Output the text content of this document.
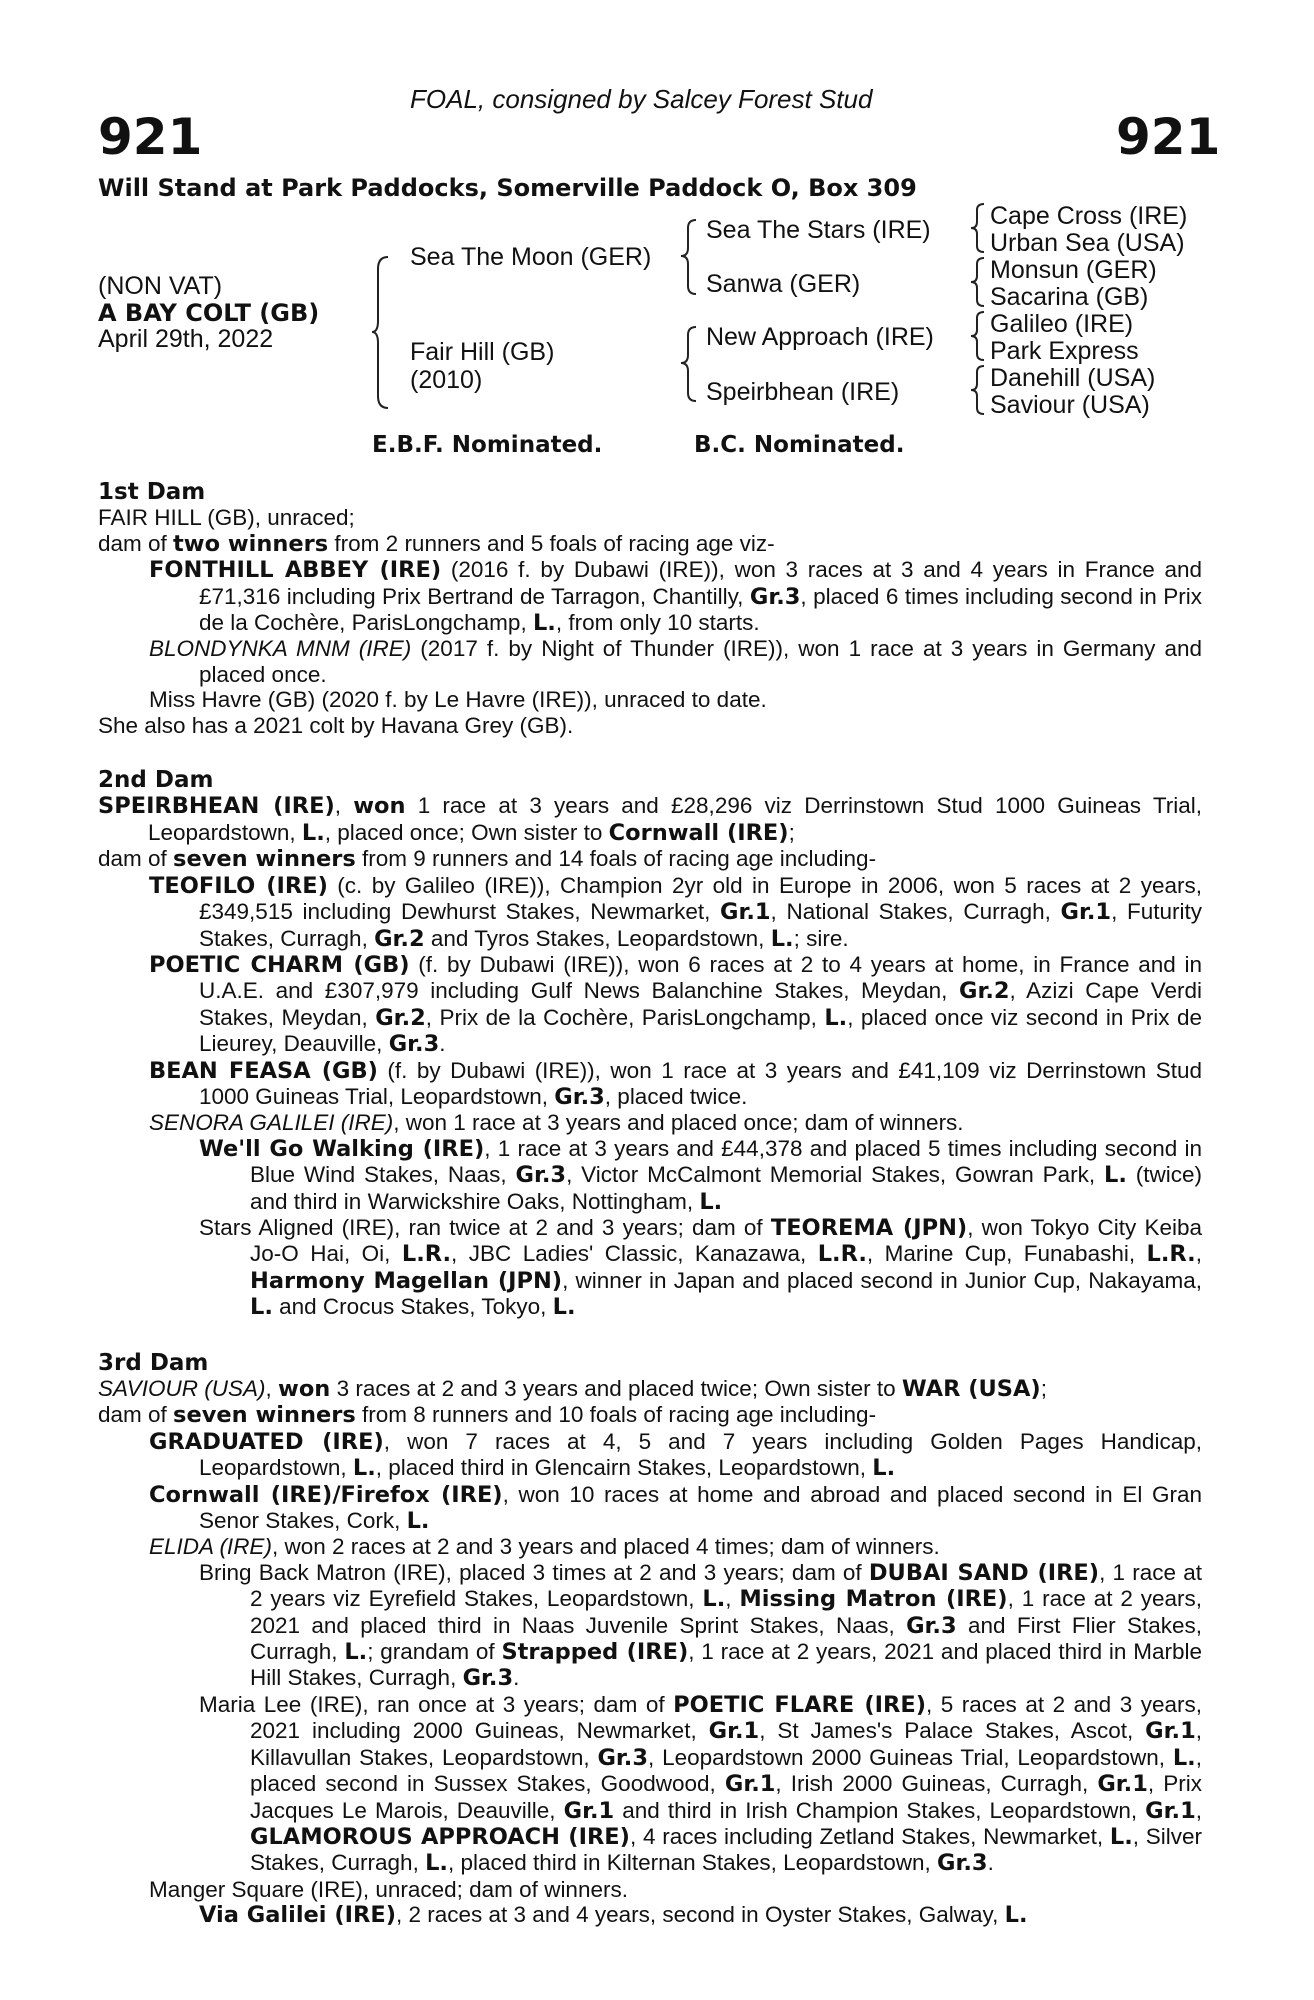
FOAL, consigned by Salcey Forest Stud
921	921
Will Stand at Park Paddocks, Somerville Paddock O, Box 309
(NON VAT)
A BAY COLT (GB)
April 29th, 2022
Sea The Moon (GER)
Fair Hill (GB)
(2010)
Sea The Stars (IRE)
Sanwa (GER)
New Approach (IRE)
Speirbhean (IRE)
Cape Cross (IRE)
Urban Sea (USA)
Monsun (GER)
Sacarina (GB)
Galileo (IRE)
Park Express
Danehill (USA)
Saviour (USA)
E.B.F. Nominated.	B.C. Nominated.
1st Dam
FAIR HILL (GB), unraced;
dam of two winners from 2 runners and 5 foals of racing age viz-
FONTHILL ABBEY (IRE) (2016 f. by Dubawi (IRE)), won 3 races at 3 and 4 years in France and £71,316 including Prix Bertrand de Tarragon, Chantilly, Gr.3, placed 6 times including second in Prix de la Cochère, ParisLongchamp, L., from only 10 starts.
BLONDYNKA MNM (IRE) (2017 f. by Night of Thunder (IRE)), won 1 race at 3 years in Germany and placed once.
Miss Havre (GB) (2020 f. by Le Havre (IRE)), unraced to date.
She also has a 2021 colt by Havana Grey (GB).
2nd Dam
SPEIRBHEAN (IRE), won 1 race at 3 years and £28,296 viz Derrinstown Stud 1000 Guineas Trial, Leopardstown, L., placed once; Own sister to Cornwall (IRE);
dam of seven winners from 9 runners and 14 foals of racing age including-
TEOFILO (IRE) (c. by Galileo (IRE)), Champion 2yr old in Europe in 2006, won 5 races at 2 years, £349,515 including Dewhurst Stakes, Newmarket, Gr.1, National Stakes, Curragh, Gr.1, Futurity Stakes, Curragh, Gr.2 and Tyros Stakes, Leopardstown, L.; sire.
POETIC CHARM (GB) (f. by Dubawi (IRE)), won 6 races at 2 to 4 years at home, in France and in U.A.E. and £307,979 including Gulf News Balanchine Stakes, Meydan, Gr.2, Azizi Cape Verdi Stakes, Meydan, Gr.2, Prix de la Cochère, ParisLongchamp, L., placed once viz second in Prix de Lieurey, Deauville, Gr.3.
BEAN FEASA (GB) (f. by Dubawi (IRE)), won 1 race at 3 years and £41,109 viz Derrinstown Stud 1000 Guineas Trial, Leopardstown, Gr.3, placed twice.
SENORA GALILEI (IRE), won 1 race at 3 years and placed once; dam of winners.
We'll Go Walking (IRE), 1 race at 3 years and £44,378 and placed 5 times including second in Blue Wind Stakes, Naas, Gr.3, Victor McCalmont Memorial Stakes, Gowran Park, L. (twice) and third in Warwickshire Oaks, Nottingham, L.
Stars Aligned (IRE), ran twice at 2 and 3 years; dam of TEOREMA (JPN), won Tokyo City Keiba Jo-O Hai, Oi, L.R., JBC Ladies' Classic, Kanazawa, L.R., Marine Cup, Funabashi, L.R., Harmony Magellan (JPN), winner in Japan and placed second in Junior Cup, Nakayama, L. and Crocus Stakes, Tokyo, L.
3rd Dam
SAVIOUR (USA), won 3 races at 2 and 3 years and placed twice; Own sister to WAR (USA);
dam of seven winners from 8 runners and 10 foals of racing age including-
GRADUATED (IRE), won 7 races at 4, 5 and 7 years including Golden Pages Handicap, Leopardstown, L., placed third in Glencairn Stakes, Leopardstown, L.
Cornwall (IRE)/Firefox (IRE), won 10 races at home and abroad and placed second in El Gran Senor Stakes, Cork, L.
ELIDA (IRE), won 2 races at 2 and 3 years and placed 4 times; dam of winners.
Bring Back Matron (IRE), placed 3 times at 2 and 3 years; dam of DUBAI SAND (IRE), 1 race at 2 years viz Eyrefield Stakes, Leopardstown, L., Missing Matron (IRE), 1 race at 2 years, 2021 and placed third in Naas Juvenile Sprint Stakes, Naas, Gr.3 and First Flier Stakes, Curragh, L.; grandam of Strapped (IRE), 1 race at 2 years, 2021 and placed third in Marble Hill Stakes, Curragh, Gr.3.
Maria Lee (IRE), ran once at 3 years; dam of POETIC FLARE (IRE), 5 races at 2 and 3 years, 2021 including 2000 Guineas, Newmarket, Gr.1, St James's Palace Stakes, Ascot, Gr.1, Killavullan Stakes, Leopardstown, Gr.3, Leopardstown 2000 Guineas Trial, Leopardstown, L., placed second in Sussex Stakes, Goodwood, Gr.1, Irish 2000 Guineas, Curragh, Gr.1, Prix Jacques Le Marois, Deauville, Gr.1 and third in Irish Champion Stakes, Leopardstown, Gr.1, GLAMOROUS APPROACH (IRE), 4 races including Zetland Stakes, Newmarket, L., Silver Stakes, Curragh, L., placed third in Kilternan Stakes, Leopardstown, Gr.3.
Manger Square (IRE), unraced; dam of winners.
Via Galilei (IRE), 2 races at 3 and 4 years, second in Oyster Stakes, Galway, L.
